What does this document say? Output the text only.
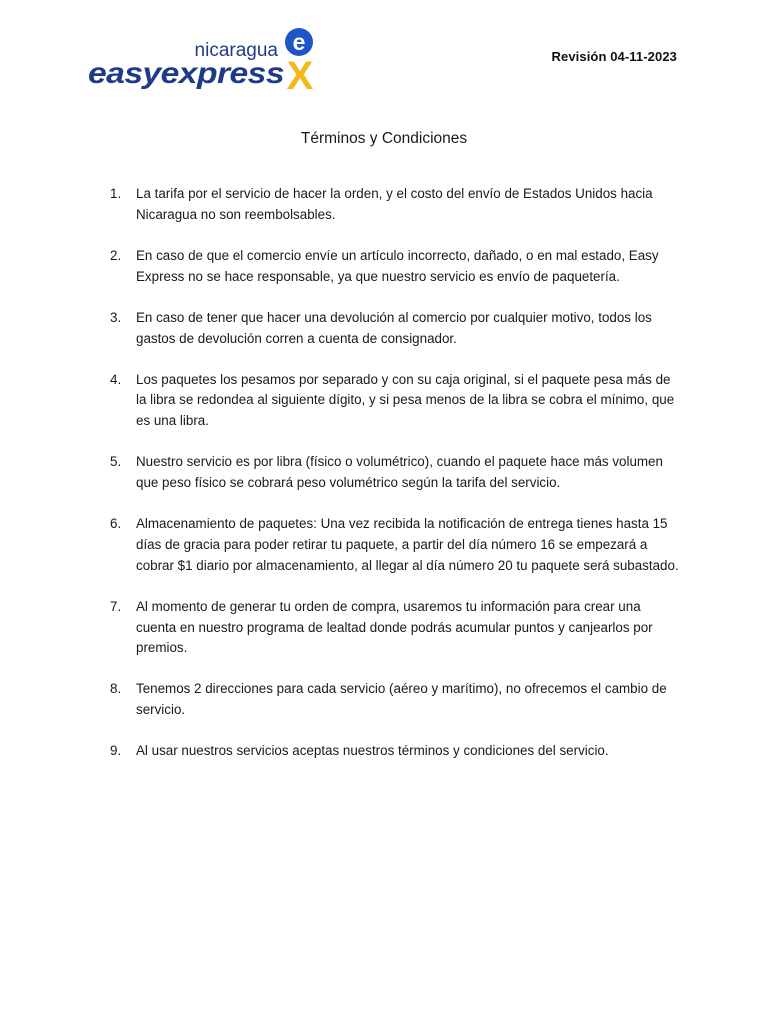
nicaragua
easyexpress
e
X	Revisión 04-11-2023
Términos y Condiciones
1.	La tarifa por el servicio de hacer la orden, y el costo del envío de Estados Unidos hacia Nicaragua no son reembolsables.
2.	En caso de que el comercio envíe un artículo incorrecto, dañado, o en mal estado, Easy Express no se hace responsable, ya que nuestro servicio es envío de paquetería.
3.	En caso de tener que hacer una devolución al comercio por cualquier motivo, todos los gastos de devolución corren a cuenta de consignador.
4.	Los paquetes los pesamos por separado y con su caja original, si el paquete pesa más de la libra se redondea al siguiente dígito, y si pesa menos de la libra se cobra el mínimo, que es una libra.
5.	Nuestro servicio es por libra (físico o volumétrico), cuando el paquete hace más volumen que peso físico se cobrará peso volumétrico según la tarifa del servicio.
6.	Almacenamiento de paquetes: Una vez recibida la notificación de entrega tienes hasta 15 días de gracia para poder retirar tu paquete, a partir del día número 16 se empezará a cobrar $1 diario por almacenamiento, al llegar al día número 20 tu paquete será subastado.
7.	Al momento de generar tu orden de compra, usaremos tu información para crear una cuenta en nuestro programa de lealtad donde podrás acumular puntos y canjearlos por premios.
8.	Tenemos 2 direcciones para cada servicio (aéreo y marítimo), no ofrecemos el cambio de servicio.
9.	Al usar nuestros servicios aceptas nuestros términos y condiciones del servicio.
